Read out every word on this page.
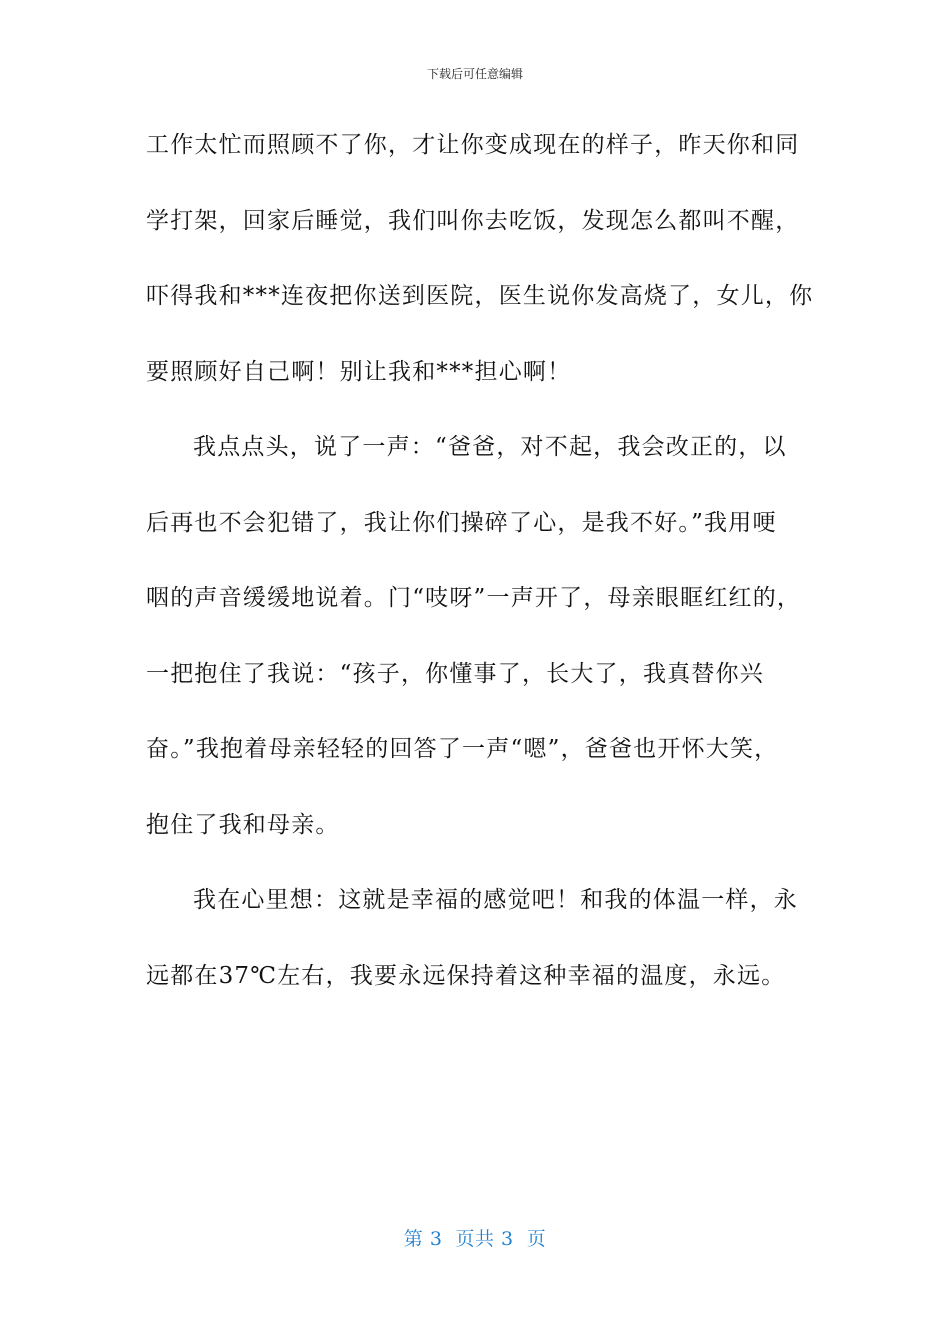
下载后可任意编辑
工作太忙而照顾不了你，才让你变成现在的样子，昨天你和同
学打架，回家后睡觉，我们叫你去吃饭，发现怎么都叫不醒，
吓得我和***连夜把你送到医院，医生说你发高烧了，女儿，你
要照顾好自己啊！别让我和***担心啊！
我点点头，说了一声：“爸爸，对不起，我会改正的，以
后再也不会犯错了，我让你们操碎了心，是我不好。”我用哽
咽的声音缓缓地说着。门“吱呀”一声开了，母亲眼眶红红的，
一把抱住了我说：“孩子，你懂事了，长大了，我真替你兴
奋。”我抱着母亲轻轻的回答了一声“嗯”，爸爸也开怀大笑，
抱住了我和母亲。
我在心里想：这就是幸福的感觉吧！和我的体温一样，永
远都在37℃左右，我要永远保持着这种幸福的温度，永远。
第 3  页共 3  页
